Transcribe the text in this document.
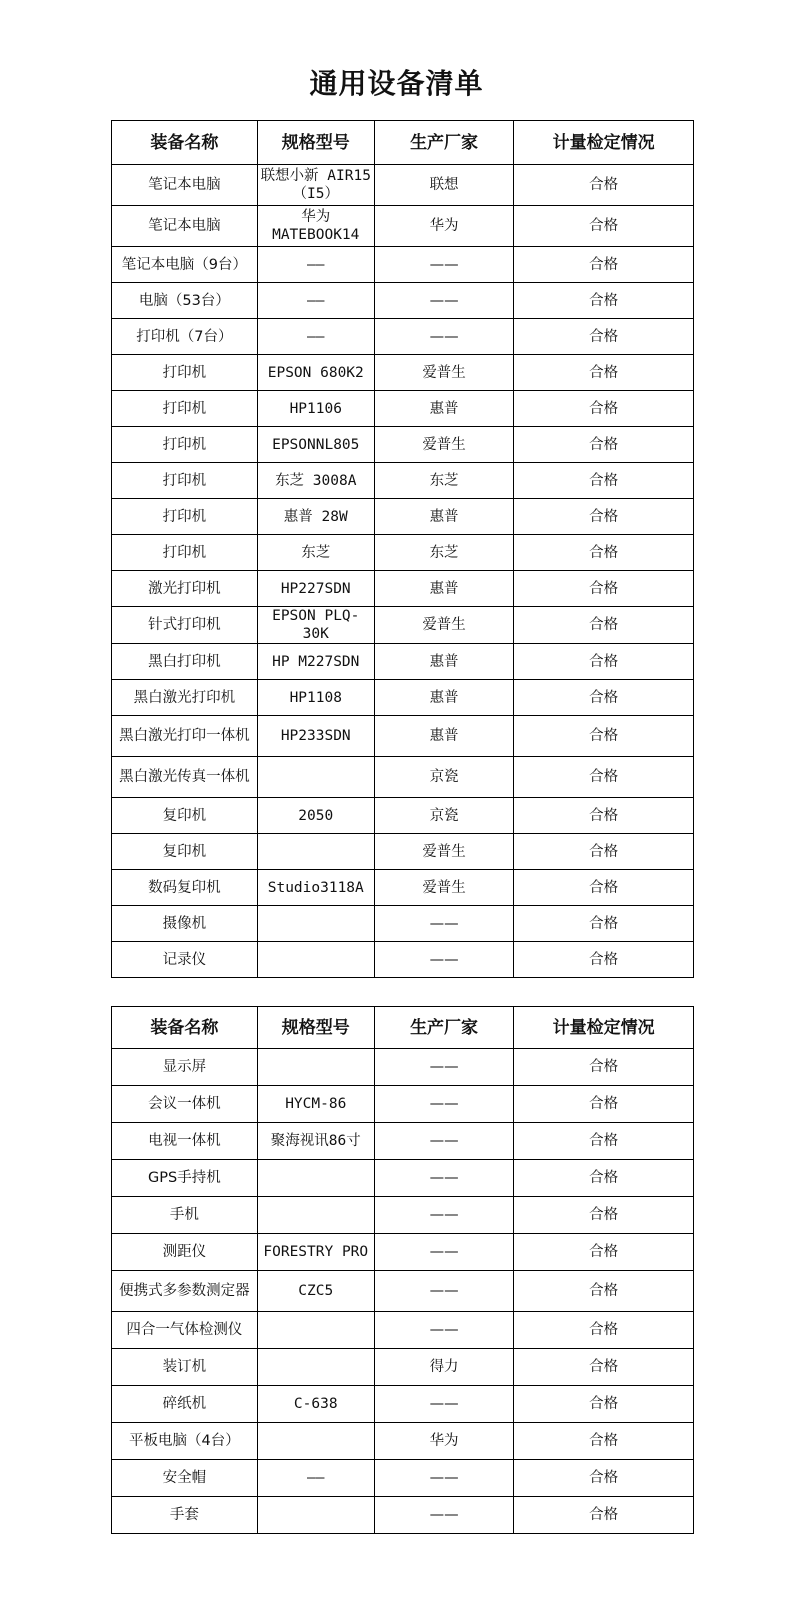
通用设备清单
装备名称	规格型号	生产厂家	计量检定情况
笔记本电脑	联想小新 AIR15（I5）	联想	合格
笔记本电脑	华为 MATEBOOK14	华为	合格
笔记本电脑（9台）	——	——	合格
电脑（53台）	——	——	合格
打印机（7台）	——	——	合格
打印机	EPSON 680K2	爱普生	合格
打印机	HP1106	惠普	合格
打印机	EPSONNL805	爱普生	合格
打印机	东芝 3008A	东芝	合格
打印机	惠普 28W	惠普	合格
打印机	东芝	东芝	合格
激光打印机	HP227SDN	惠普	合格
针式打印机	EPSON PLQ-30K	爱普生	合格
黑白打印机	HP M227SDN	惠普	合格
黑白激光打印机	HP1108	惠普	合格
黑白激光打印一体机	HP233SDN	惠普	合格
黑白激光传真一体机		京瓷	合格
复印机	2050	京瓷	合格
复印机		爱普生	合格
数码复印机	Studio3118A	爱普生	合格
摄像机		——	合格
记录仪		——	合格
装备名称	规格型号	生产厂家	计量检定情况
显示屏		——	合格
会议一体机	HYCM-86	——	合格
电视一体机	聚海视讯86寸	——	合格
GPS手持机		——	合格
手机		——	合格
测距仪	FORESTRY PRO	——	合格
便携式多参数测定器	CZC5	——	合格
四合一气体检测仪		——	合格
装订机		得力	合格
碎纸机	C-638	——	合格
平板电脑（4台）		华为	合格
安全帽	——	——	合格
手套		——	合格
